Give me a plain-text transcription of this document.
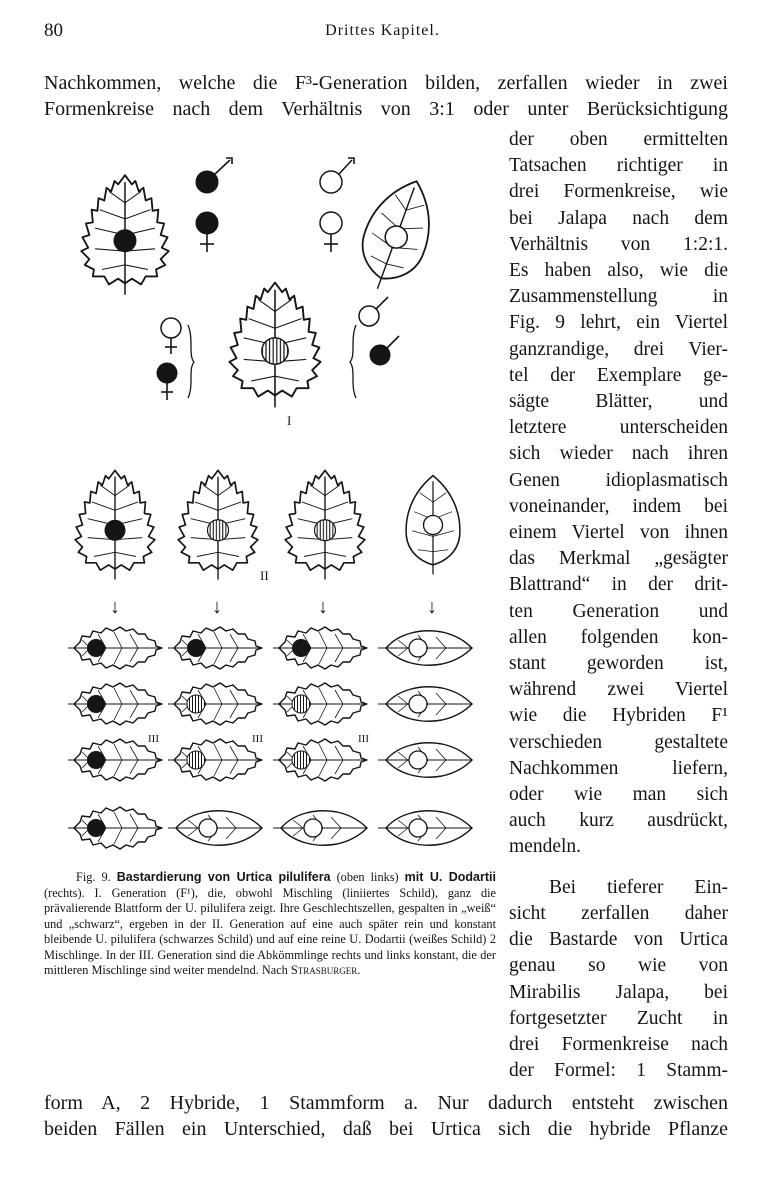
80	Drittes Kapitel.
Nachkommen, welche die F³-Generation bilden, zerfallen wieder in zwei
Formenkreise nach dem Verhältnis von 3:1 oder unter Berücksichtigung
der oben ermittelten
Tatsachen richtiger in
drei Formenkreise, wie
bei Jalapa nach dem
Verhältnis von 1:2:1.
Es haben also, wie die
Zusammenstellung in
Fig. 9 lehrt, ein Viertel
ganzrandige, drei Vier-
tel der Exemplare ge-
sägte Blätter, und
letztere unterscheiden
sich wieder nach ihren
Genen idioplasmatisch
voneinander, indem bei
einem Viertel von ihnen
das Merkmal „gesägter
Blattrand“ in der drit-
ten Generation und
allen folgenden kon-
stant geworden ist,
während zwei Viertel
wie die Hybriden F¹
verschieden gestaltete
Nachkommen liefern,
oder wie man sich
auch kurz ausdrückt,
mendeln.
Bei tieferer Ein-
sicht zerfallen daher
die Bastarde von Urtica
genau so wie von
Mirabilis Jalapa, bei
fortgesetzter Zucht in
drei Formenkreise nach
der Formel: 1 Stamm-
I
II
↓	↓	↓	↓
III	III	III
Fig. 9. Bastardierung von Urtica pilulifera (oben links) mit U. Dodartii (rechts). I. Generation (F¹), die, obwohl Mischling (liniiertes Schild), ganz die prävalierende Blattform der U. pilulifera zeigt. Ihre Geschlechtszellen, gespalten in „weiß“ und „schwarz“, ergeben in der II. Generation auf eine auch später rein und konstant bleibende U. pilulifera (schwarzes Schild) und auf eine reine U. Dodartii (weißes Schild) 2 Mischlinge. In der III. Generation sind die Abkömmlinge rechts und links konstant, die der mittleren Mischlinge sind weiter mendelnd. Nach Strasburger.
form A, 2 Hybride, 1 Stammform a. Nur dadurch entsteht zwischen
beiden Fällen ein Unterschied, daß bei Urtica sich die hybride Pflanze
